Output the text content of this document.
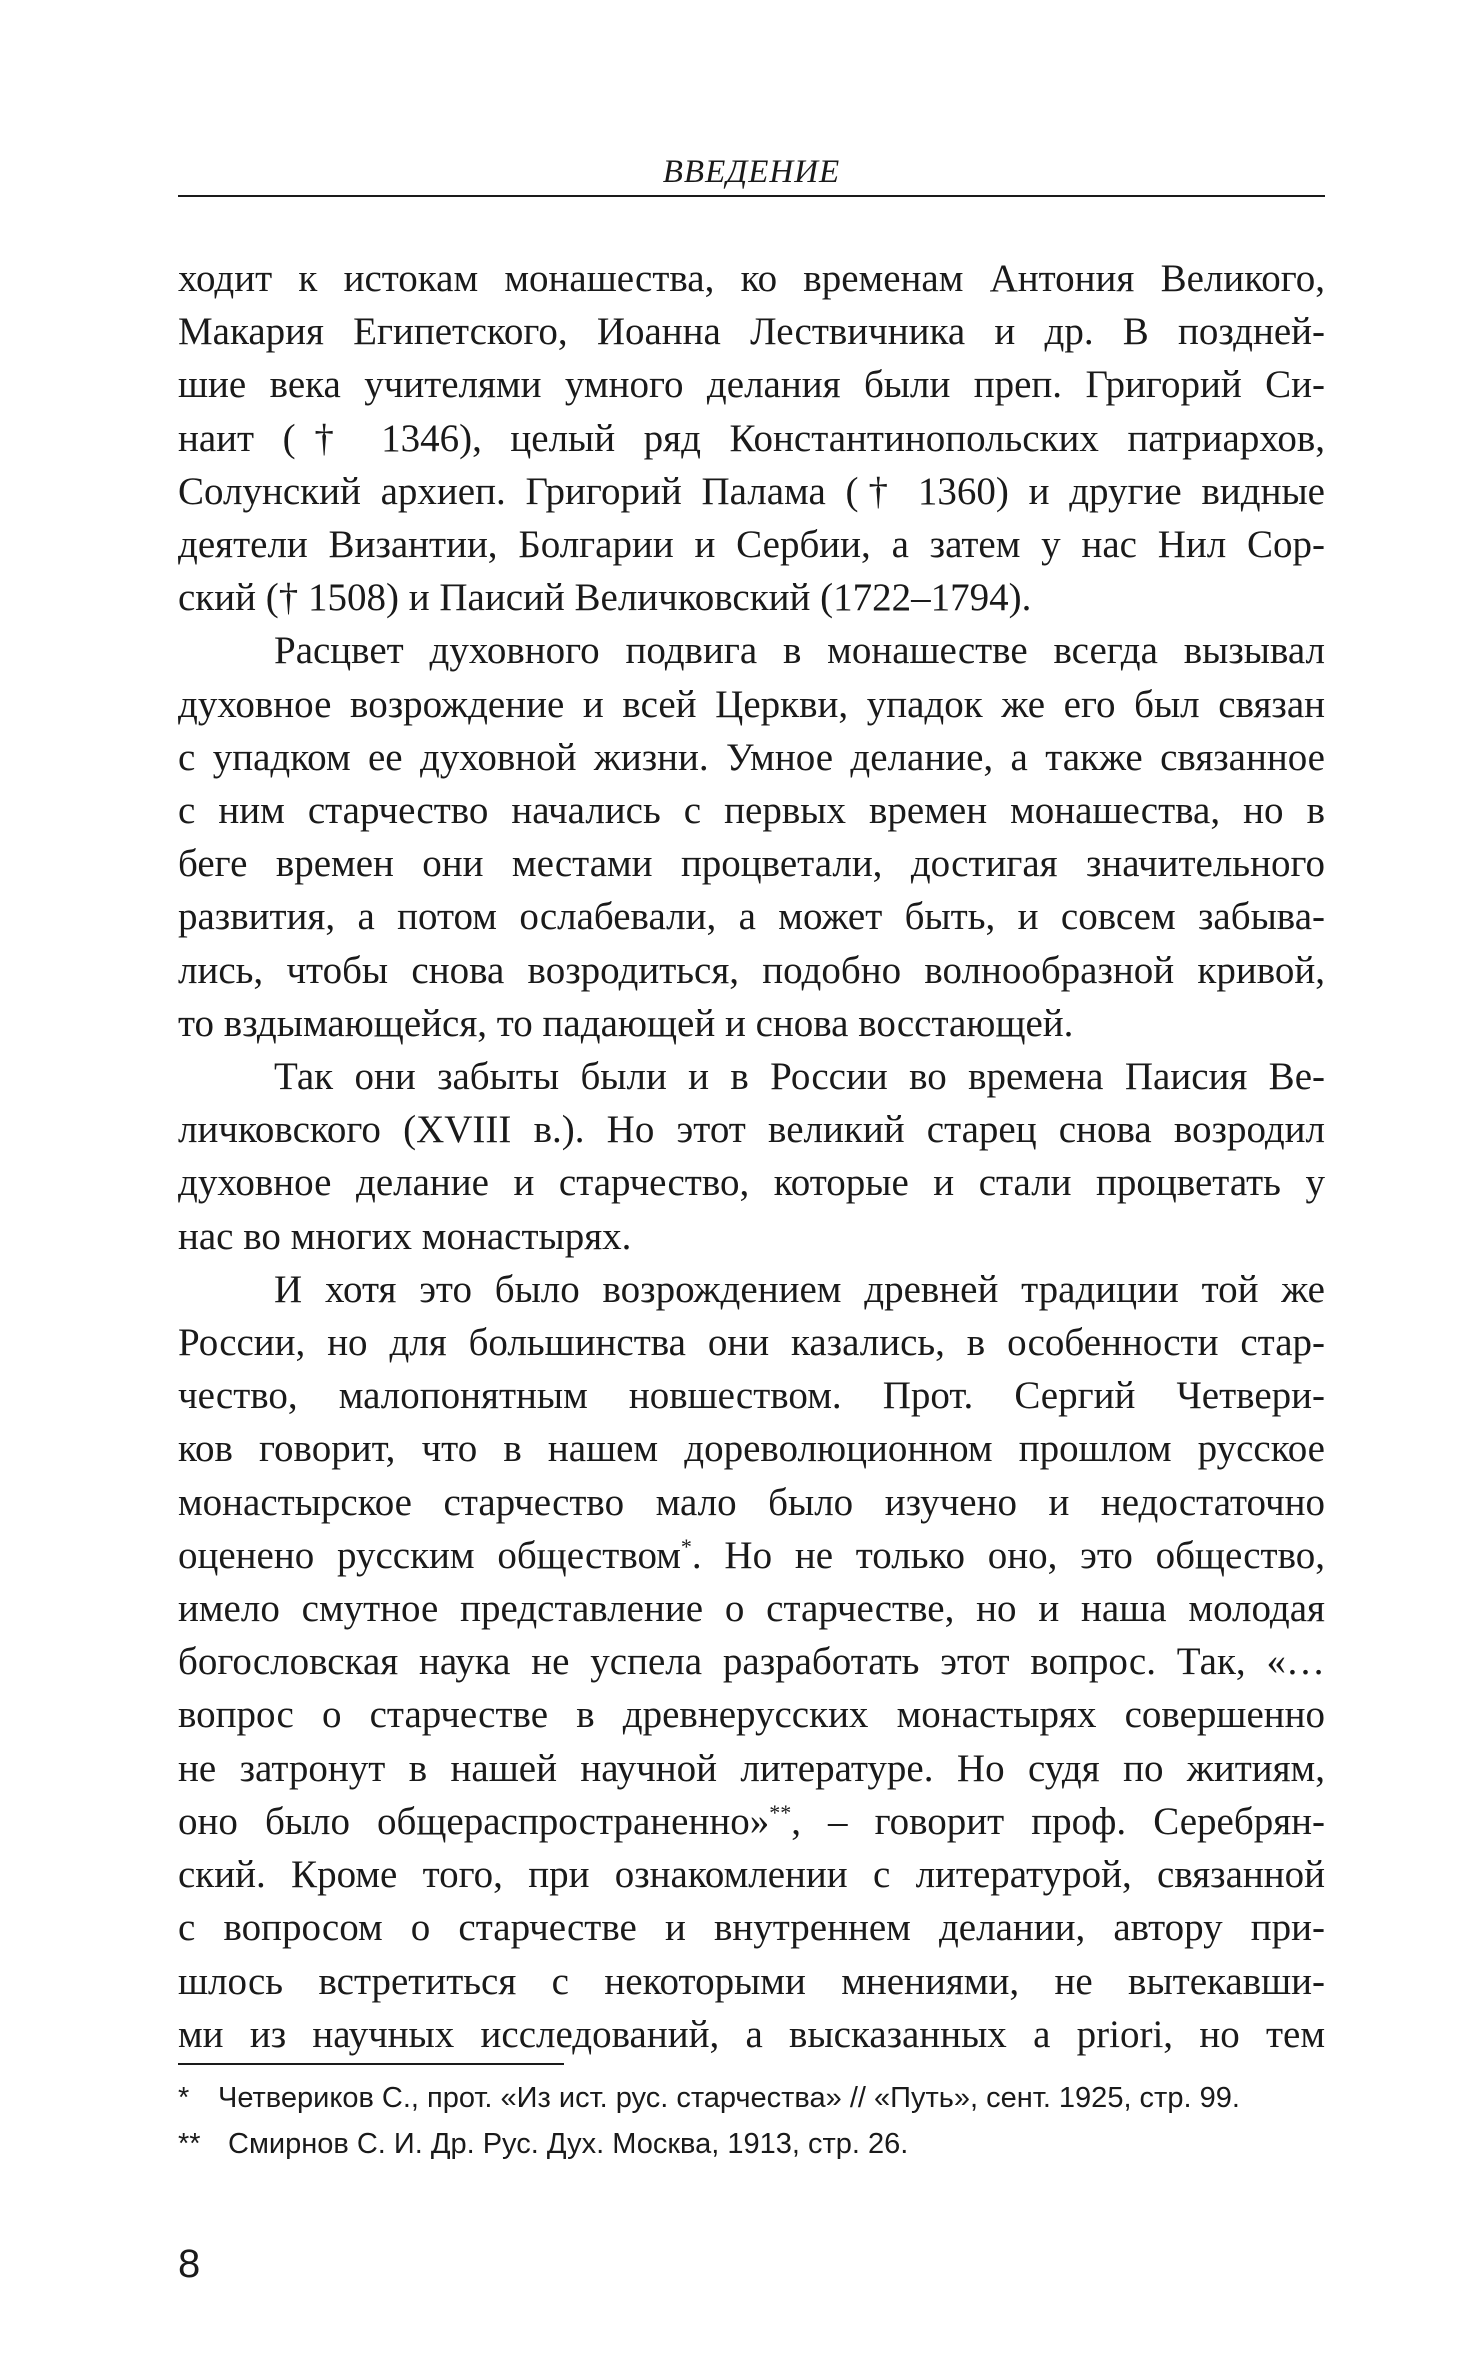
ВВЕДЕНИЕ

ходит к истокам монашества, ко временам Антония Великого,
Макария Египетского, Иоанна Лествичника и др. В поздней-
шие века учителями умного делания были преп. Григорий Си-
наит († 1346), целый ряд Константинопольских патриархов,
Солунский архиеп. Григорий Палама († 1360) и другие видные
деятели Византии, Болгарии и Сербии, а затем у нас Нил Сор-
ский († 1508) и Паисий Величковский (1722–1794).

Расцвет духовного подвига в монашестве всегда вызывал
духовное возрождение и всей Церкви, упадок же его был связан
с упадком ее духовной жизни. Умное делание, а также связанное
с ним старчество начались с первых времен монашества, но в
беге времен они местами процветали, достигая значительного
развития, а потом ослабевали, а может быть, и совсем забыва-
лись, чтобы снова возродиться, подобно волнообразной кривой,
то вздымающейся, то падающей и снова восстающей.

Так они забыты были и в России во времена Паисия Ве-
личковского (XVIII в.). Но этот великий старец снова возродил
духовное делание и старчество, которые и стали процветать у
нас во многих монастырях.

И хотя это было возрождением древней традиции той же
России, но для большинства они казались, в особенности стар-
чество, малопонятным новшеством. Прот. Сергий Четвери-
ков говорит, что в нашем дореволюционном прошлом русское
монастырское старчество мало было изучено и недостаточно
оценено русским обществом*. Но не только оно, это общество,
имело смутное представление о старчестве, но и наша молодая
богословская наука не успела разработать этот вопрос. Так, «…
вопрос о старчестве в древнерусских монастырях совершенно
не затронут в нашей научной литературе. Но судя по житиям,
оно было общераспространенно»**, – говорит проф. Серебрян-
ский. Кроме того, при ознакомлении с литературой, связанной
с вопросом о старчестве и внутреннем делании, автору при-
шлось встретиться с некоторыми мнениями, не вытекавши-
ми из научных исследований, а высказанных a priori, но тем

* Четвериков С., прот. «Из ист. рус. старчества» // «Путь», сент. 1925, стр. 99.
** Смирнов С. И. Др. Рус. Дух. Москва, 1913, стр. 26.
8
